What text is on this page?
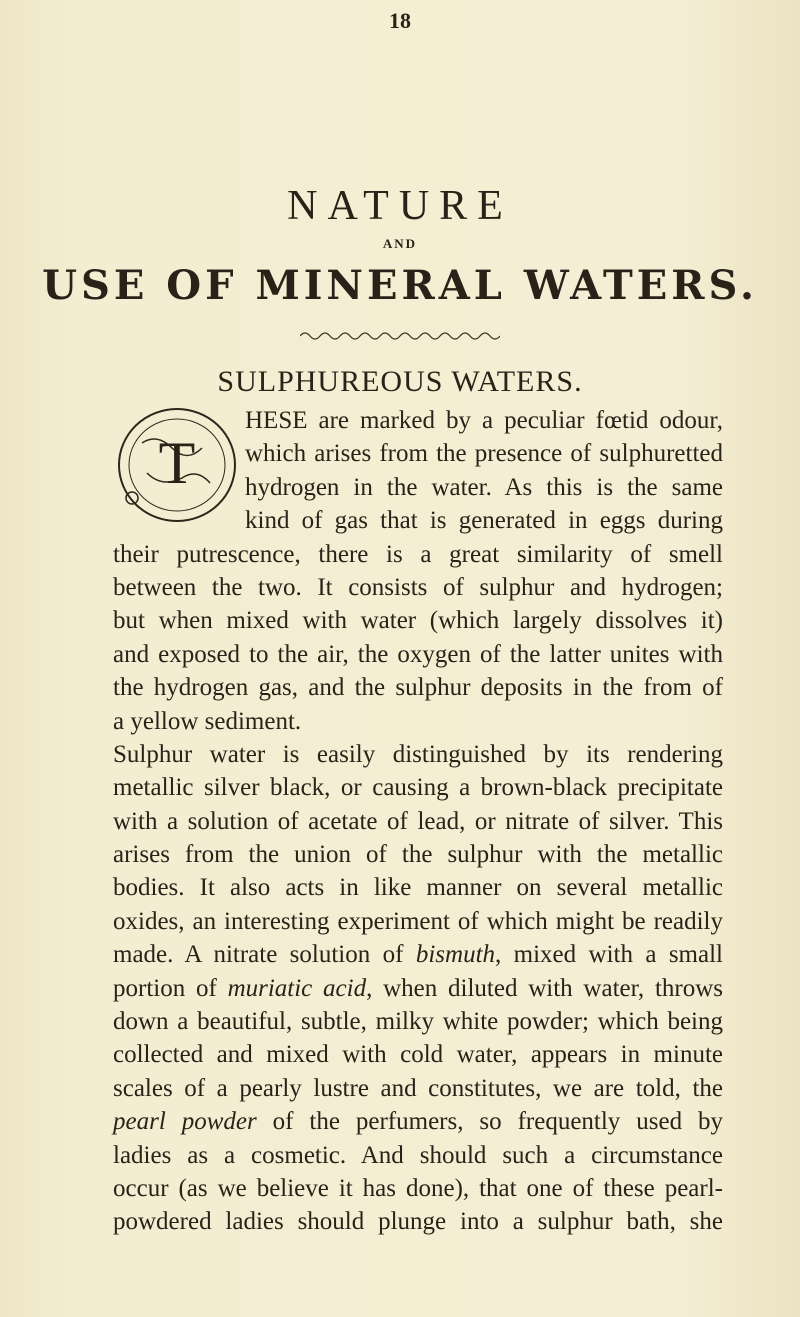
18
NATURE
AND
USE OF MINERAL WATERS.
SULPHUREOUS WATERS.
T
HESE are marked by a peculiar fœtid odour,
which arises from the presence of sulphuretted
hydrogen in the water. As this is the same
kind of gas that is generated in eggs during
their putrescence, there is a great similarity of smell
between the two. It consists of sulphur and hydrogen;
but when mixed with water (which largely dissolves it)
and exposed to the air, the oxygen of the latter unites with
the hydrogen gas, and the sulphur deposits in the from of
a yellow sediment.
Sulphur water is easily distinguished by its rendering
metallic silver black, or causing a brown-black precipitate
with a solution of acetate of lead, or nitrate of silver. This
arises from the union of the sulphur with the metallic
bodies. It also acts in like manner on several metallic
oxides, an interesting experiment of which might be readily
made. A nitrate solution of bismuth, mixed with a small
portion of muriatic acid, when diluted with water, throws
down a beautiful, subtle, milky white powder; which being
collected and mixed with cold water, appears in minute
scales of a pearly lustre and constitutes, we are told, the
pearl powder of the perfumers, so frequently used by
ladies as a cosmetic. And should such a circumstance
occur (as we believe it has done), that one of these pearl-
powdered ladies should plunge into a sulphur bath, she
